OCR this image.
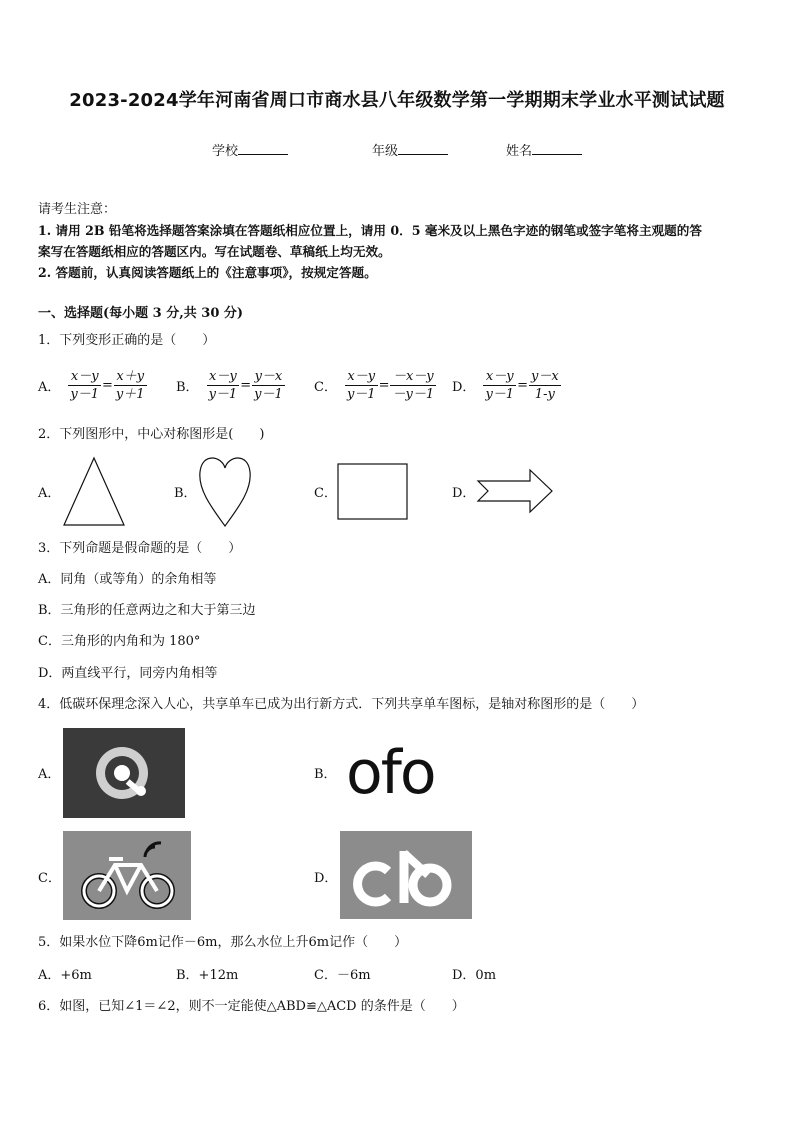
2023-2024学年河南省周口市商水县八年级数学第一学期期末学业水平测试试题
学校	年级	姓名
请考生注意：
1. 请用 2B 铅笔将选择题答案涂填在答题纸相应位置上，请用 0．5 毫米及以上黑色字迹的钢笔或签字笔将主观题的答
案写在答题纸相应的答题区内。写在试题卷、草稿纸上均无效。
2. 答题前，认真阅读答题纸上的《注意事项》，按规定答题。
一、选择题(每小题 3 分,共 30 分)
1．下列变形正确的是（　　）
A． $\frac{x-y}{y-1} = \frac{x+y}{y+1}$ B． $\frac{x-y}{y-1} = \frac{y-x}{y-1}$ C． $\frac{x-y}{y-1} = \frac{-x-y}{-y-1}$ D． $\frac{x-y}{y-1} = \frac{y-x}{1-y}$
2．下列图形中，中心对称图形是(　　)
A．	B．	C．	D．
3．下列命题是假命题的是（　　）
A．同角（或等角）的余角相等
B．三角形的任意两边之和大于第三边
C．三角形的内角和为 180°
D．两直线平行，同旁内角相等
4．低碳环保理念深入人心，共享单车已成为出行新方式．下列共享单车图标，是轴对称图形的是（　　）
A．	B． ofo
C．	D．
5．如果水位下降6m记作－6m，那么水位上升6m记作（　　）
A．+6m	B．+12m	C．－6m	D．0m
6．如图，已知∠1＝∠2，则不一定能使△ABD≌△ACD 的条件是（　　）
